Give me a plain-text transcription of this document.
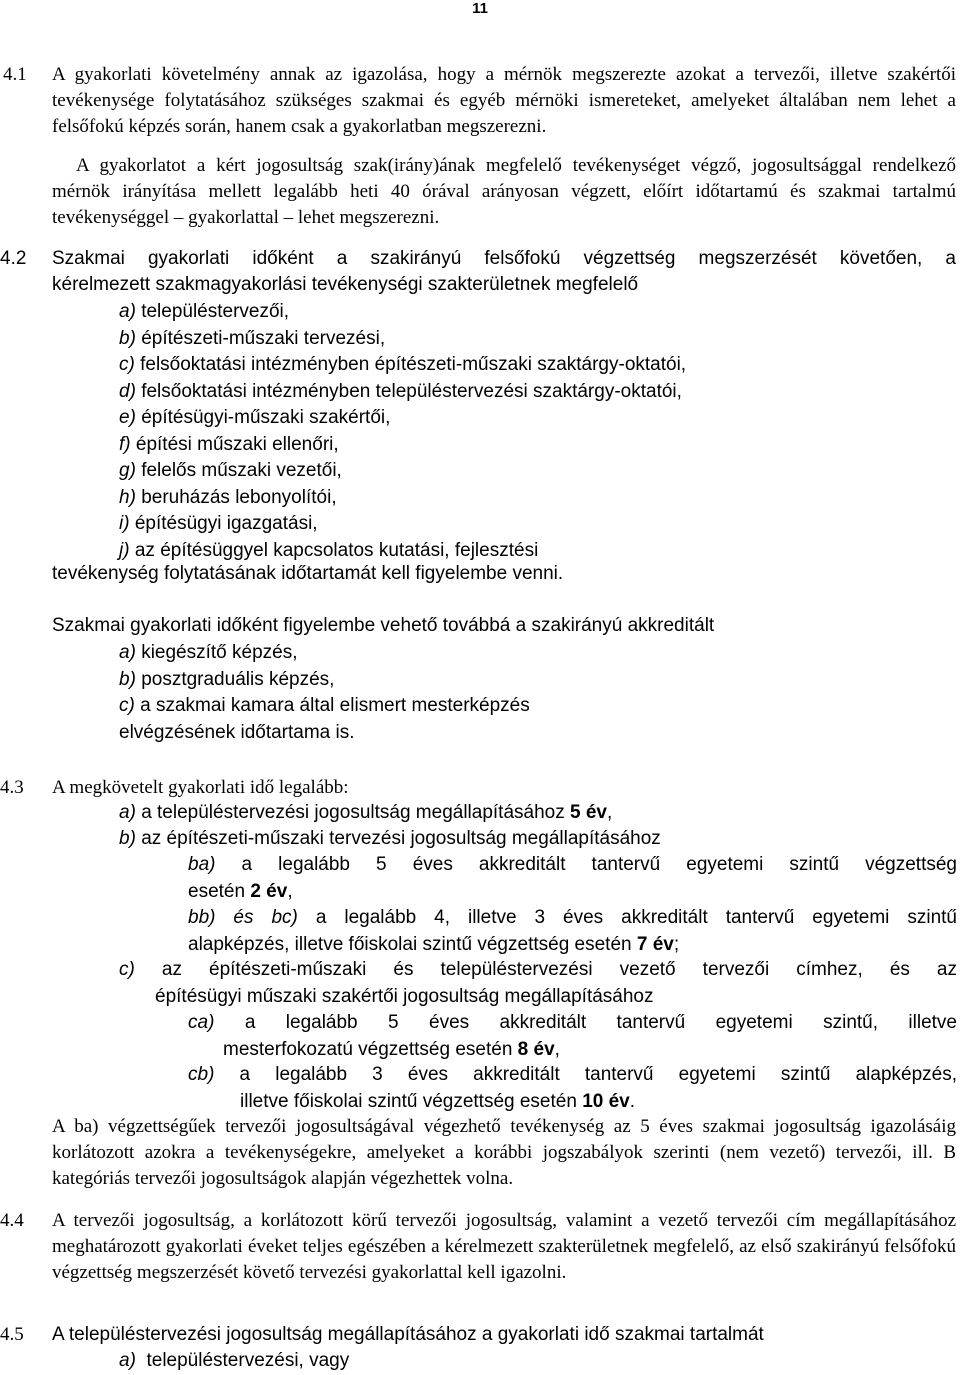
11
4.1	A gyakorlati követelmény annak az igazolása, hogy a mérnök megszerezte azokat a tervezői, illetve szakértői tevékenysége folytatásához szükséges szakmai és egyéb mérnöki ismereteket, amelyeket általában nem lehet a felsőfokú képzés során, hanem csak a gyakorlatban megszerezni.
A gyakorlatot a kért jogosultság szak(irány)ának megfelelő tevékenységet végző, jogosultsággal rendelkező mérnök irányítása mellett legalább heti 40 órával arányosan végzett, előírt időtartamú és szakmai tartalmú tevékenységgel – gyakorlattal – lehet megszerezni.
4.2	Szakmai gyakorlati időként a szakirányú felsőfokú végzettség megszerzését követően, a
kérelmezett szakmagyakorlási tevékenységi szakterületnek megfelelő
a) településtervezői,
b) építészeti-műszaki tervezési,
c) felsőoktatási intézményben építészeti-műszaki szaktárgy-oktatói,
d) felsőoktatási intézményben településtervezési szaktárgy-oktatói,
e) építésügyi-műszaki szakértői,
f) építési műszaki ellenőri,
g) felelős műszaki vezetői,
h) beruházás lebonyolítói,
i) építésügyi igazgatási,
j) az építésüggyel kapcsolatos kutatási, fejlesztési
tevékenység folytatásának időtartamát kell figyelembe venni.
Szakmai gyakorlati időként figyelembe vehető továbbá a szakirányú akkreditált
a) kiegészítő képzés,
b) posztgraduális képzés,
c) a szakmai kamara által elismert mesterképzés
elvégzésének időtartama is.
4.3	A megkövetelt gyakorlati idő legalább:
a) a településtervezési jogosultság megállapításához 5 év,
b) az építészeti-műszaki tervezési jogosultság megállapításához
ba) a legalább 5 éves akkreditált tantervű egyetemi szintű végzettség
esetén 2 év,
bb) és bc) a legalább 4, illetve 3 éves akkreditált tantervű egyetemi szintű
alapképzés, illetve főiskolai szintű végzettség esetén 7 év;
c) az építészeti-műszaki és településtervezési vezető tervezői címhez, és az
építésügyi műszaki szakértői jogosultság megállapításához
ca) a legalább 5 éves akkreditált tantervű egyetemi szintű, illetve
mesterfokozatú végzettség esetén 8 év,
cb) a legalább 3 éves akkreditált tantervű egyetemi szintű alapképzés,
illetve főiskolai szintű végzettség esetén 10 év.
A ba) végzettségűek tervezői jogosultságával végezhető tevékenység az 5 éves szakmai jogosultság igazolásáig korlátozott azokra a tevékenységekre, amelyeket a korábbi jogszabályok szerinti (nem vezető) tervezői, ill. B kategóriás tervezői jogosultságok alapján végezhettek volna.
4.4	A tervezői jogosultság, a korlátozott körű tervezői jogosultság, valamint a vezető tervezői cím megállapításához meghatározott gyakorlati éveket teljes egészében a kérelmezett szakterületnek megfelelő, az első szakirányú felsőfokú végzettség megszerzését követő tervezési gyakorlattal kell igazolni.
4.5	A településtervezési jogosultság megállapításához a gyakorlati idő szakmai tartalmát
a) településtervezési, vagy
